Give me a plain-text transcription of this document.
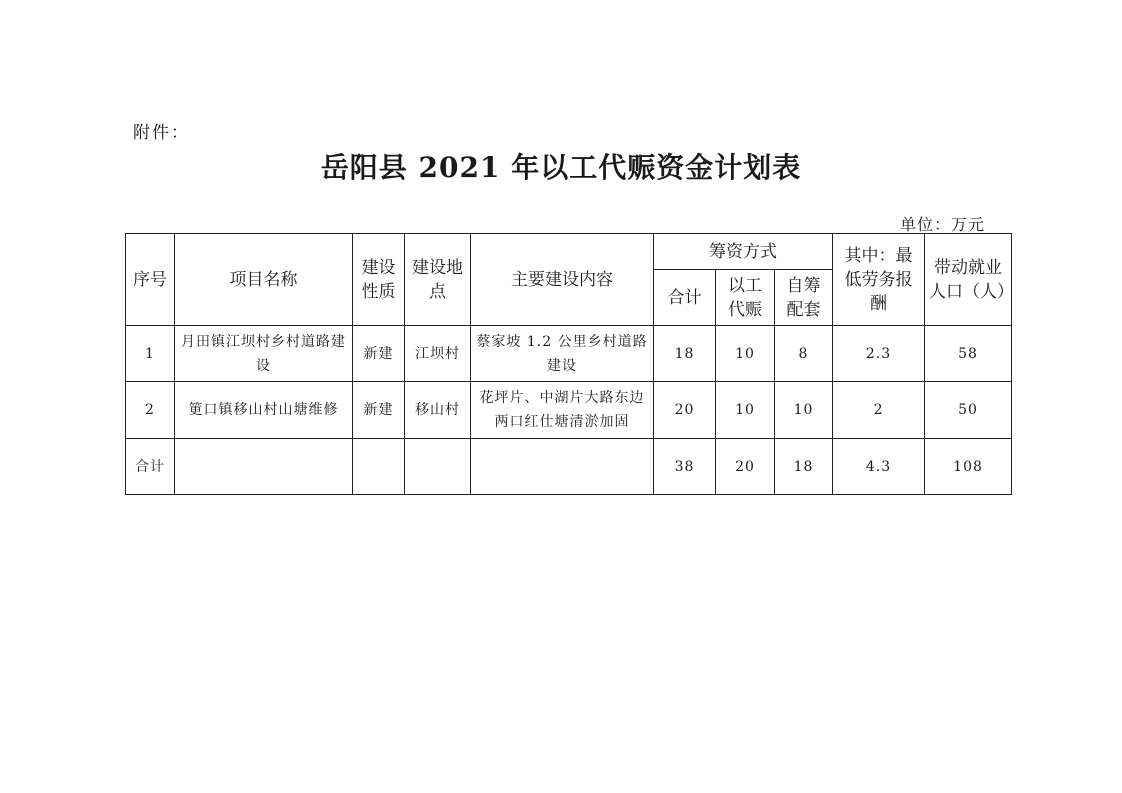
附件：
岳阳县 2021 年以工代赈资金计划表
单位：万元
序号	项目名称	建设性质	建设地点	主要建设内容	筹资方式			其中：最低劳务报酬	带动就业人口（人）
					合计	以工代赈	自筹配套		
1	月田镇江坝村乡村道路建设	新建	江坝村	蔡家坡 1.2 公里乡村道路建设	18	10	8	2.3	58
2	筻口镇移山村山塘维修	新建	移山村	花坪片、中湖片大路东边两口红仕塘清淤加固	20	10	10	2	50
合计					38	20	18	4.3	108
